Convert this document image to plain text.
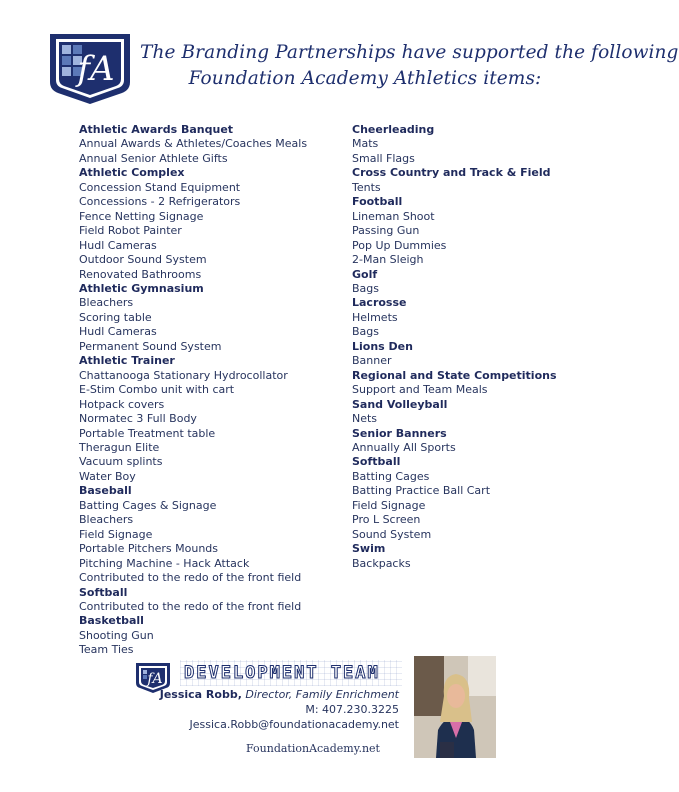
fA The Branding Partnerships have supported the following
Foundation Academy Athletics items:
Athletic Awards Banquet
Annual Awards & Athletes/Coaches Meals
Annual Senior Athlete Gifts
Athletic Complex
Concession Stand Equipment
Concessions - 2 Refrigerators
Fence Netting Signage
Field Robot Painter
Hudl Cameras
Outdoor Sound System
Renovated Bathrooms
Athletic Gymnasium
Bleachers
Scoring table
Hudl Cameras
Permanent Sound System
Athletic Trainer
Chattanooga Stationary Hydrocollator
E-Stim Combo unit with cart
Hotpack covers
Normatec 3 Full Body
Portable Treatment table
Theragun Elite
Vacuum splints
Water Boy
Baseball
Batting Cages & Signage
Bleachers
Field Signage
Portable Pitchers Mounds
Pitching Machine - Hack Attack
Contributed to the redo of the front field
Softball
Contributed to the redo of the front field
Basketball
Shooting Gun
Team Ties
Cheerleading
Mats
Small Flags
Cross Country and Track & Field
Tents
Football
Lineman Shoot
Passing Gun
Pop Up Dummies
2-Man Sleigh
Golf
Bags
Lacrosse
Helmets
Bags
Lions Den
Banner
Regional and State Competitions
Support and Team Meals
Sand Volleyball
Nets
Senior Banners
Annually All Sports
Softball
Batting Cages
Batting Practice Ball Cart
Field Signage
Pro L Screen
Sound System
Swim
Backpacks
fA DEVELOPMENT TEAM
Jessica Robb, Director, Family Enrichment
M: 407.230.3225
Jessica.Robb@foundationacademy.net
FoundationAcademy.net
